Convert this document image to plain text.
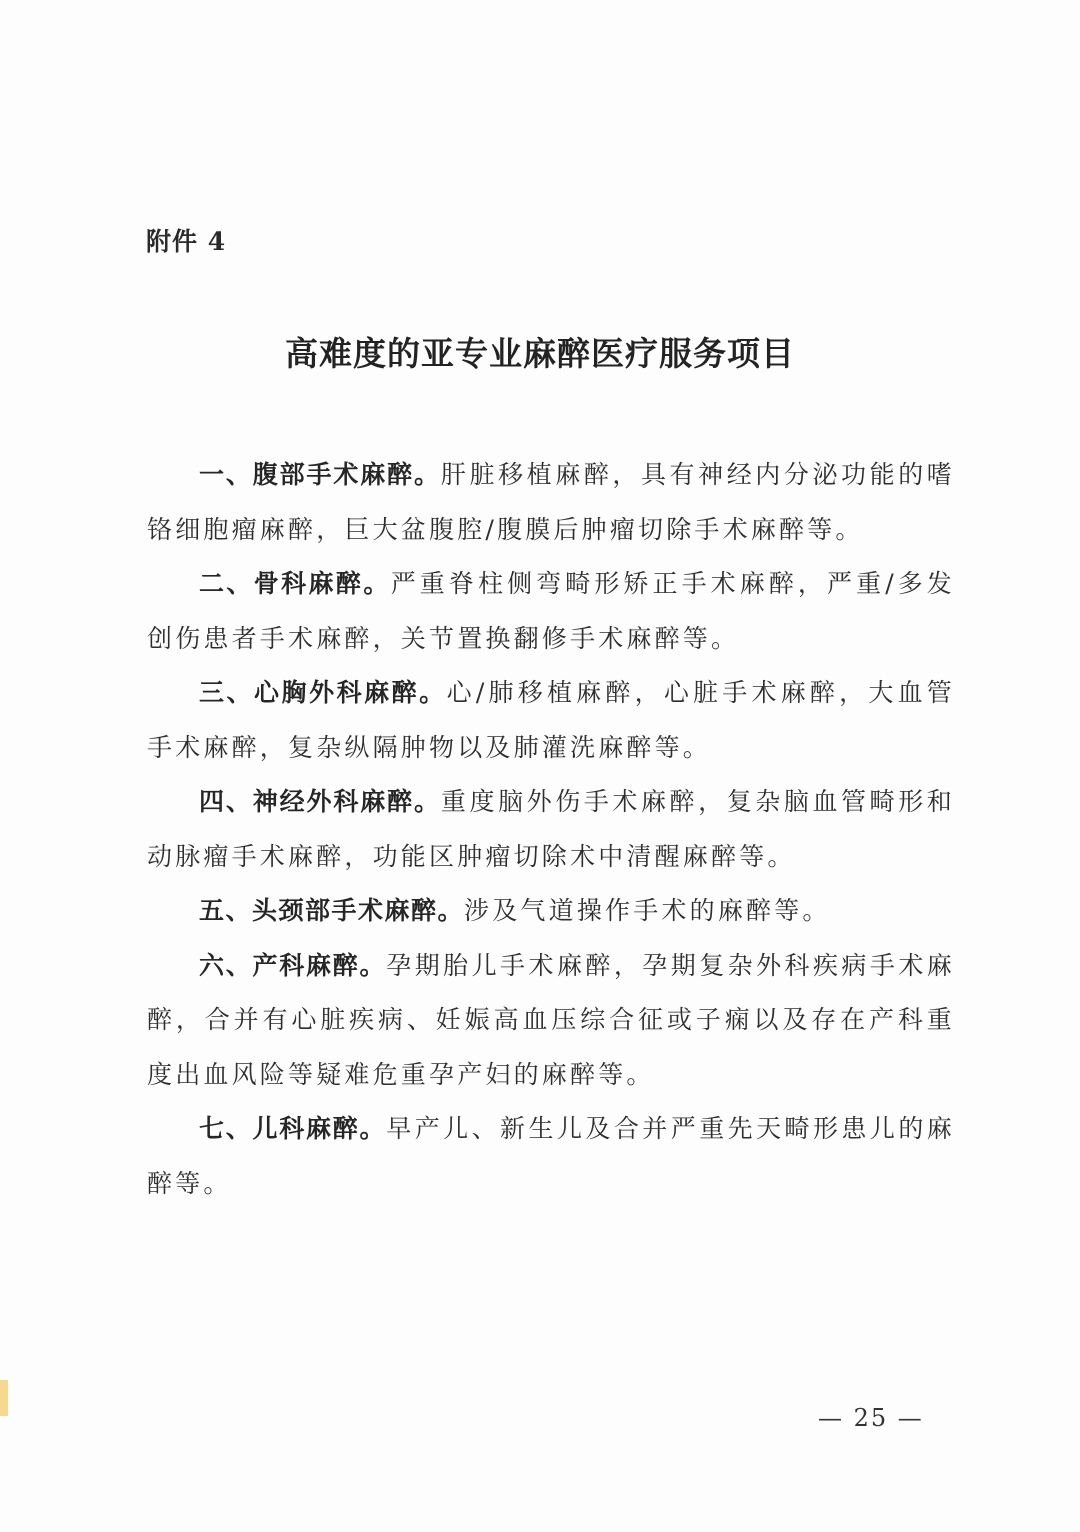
附件 4
高难度的亚专业麻醉医疗服务项目

一、腹部手术麻醉。肝脏移植麻醉，具有神经内分泌功能的嗜铬细胞瘤麻醉，巨大盆腹腔/腹膜后肿瘤切除手术麻醉等。

二、骨科麻醉。严重脊柱侧弯畸形矫正手术麻醉，严重/多发创伤患者手术麻醉，关节置换翻修手术麻醉等。

三、心胸外科麻醉。心/肺移植麻醉，心脏手术麻醉，大血管手术麻醉，复杂纵隔肿物以及肺灌洗麻醉等。

四、神经外科麻醉。重度脑外伤手术麻醉，复杂脑血管畸形和动脉瘤手术麻醉，功能区肿瘤切除术中清醒麻醉等。

五、头颈部手术麻醉。涉及气道操作手术的麻醉等。

六、产科麻醉。孕期胎儿手术麻醉，孕期复杂外科疾病手术麻醉，合并有心脏疾病、妊娠高血压综合征或子痫以及存在产科重度出血风险等疑难危重孕产妇的麻醉等。

七、儿科麻醉。早产儿、新生儿及合并严重先天畸形患儿的麻醉等。

— 25 —
